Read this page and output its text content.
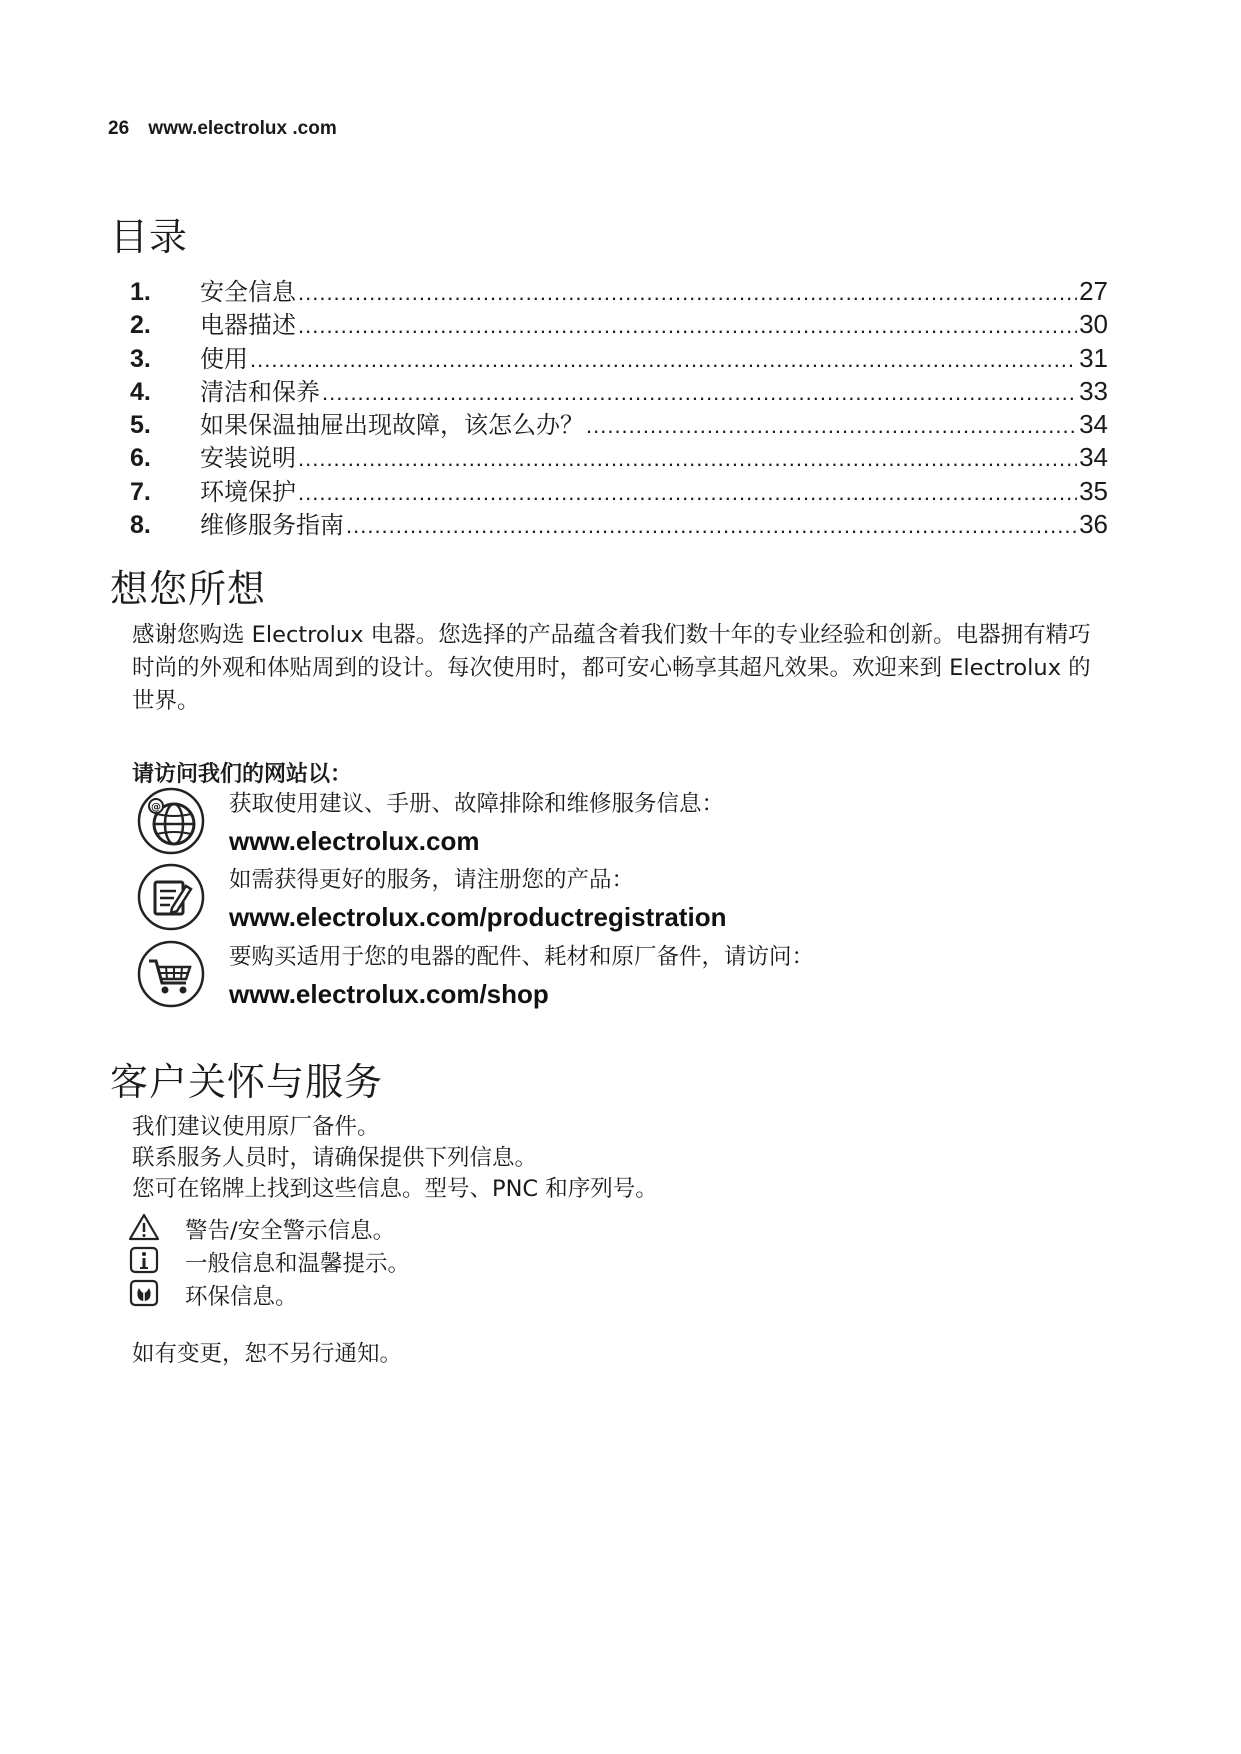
26 www.electrolux .com
目录
1.	安全信息 .....	27
2.	电器描述 .....	30
3.	使用 .....	31
4.	清洁和保养 .....	33
5.	如果保温抽屉出现故障，该怎么办？ .....	34
6.	安装说明 .....	34
7.	环境保护 .....	35
8.	维修服务指南 .....	36
想您所想
感谢您购选 Electrolux 电器。您选择的产品蕴含着我们数十年的专业经验和创新。电器拥有精巧时尚的外观和体贴周到的设计。每次使用时，都可安心畅享其超凡效果。欢迎来到 Electrolux 的世界。
请访问我们的网站以：
@	获取使用建议、手册、故障排除和维修服务信息：
www.electrolux.com
如需获得更好的服务，请注册您的产品：
www.electrolux.com/productregistration
要购买适用于您的电器的配件、耗材和原厂备件，请访问：
www.electrolux.com/shop
客户关怀与服务
我们建议使用原厂备件。
联系服务人员时，请确保提供下列信息。
您可在铭牌上找到这些信息。型号、PNC 和序列号。
警告/安全警示信息。
一般信息和温馨提示。
环保信息。
如有变更，恕不另行通知。
